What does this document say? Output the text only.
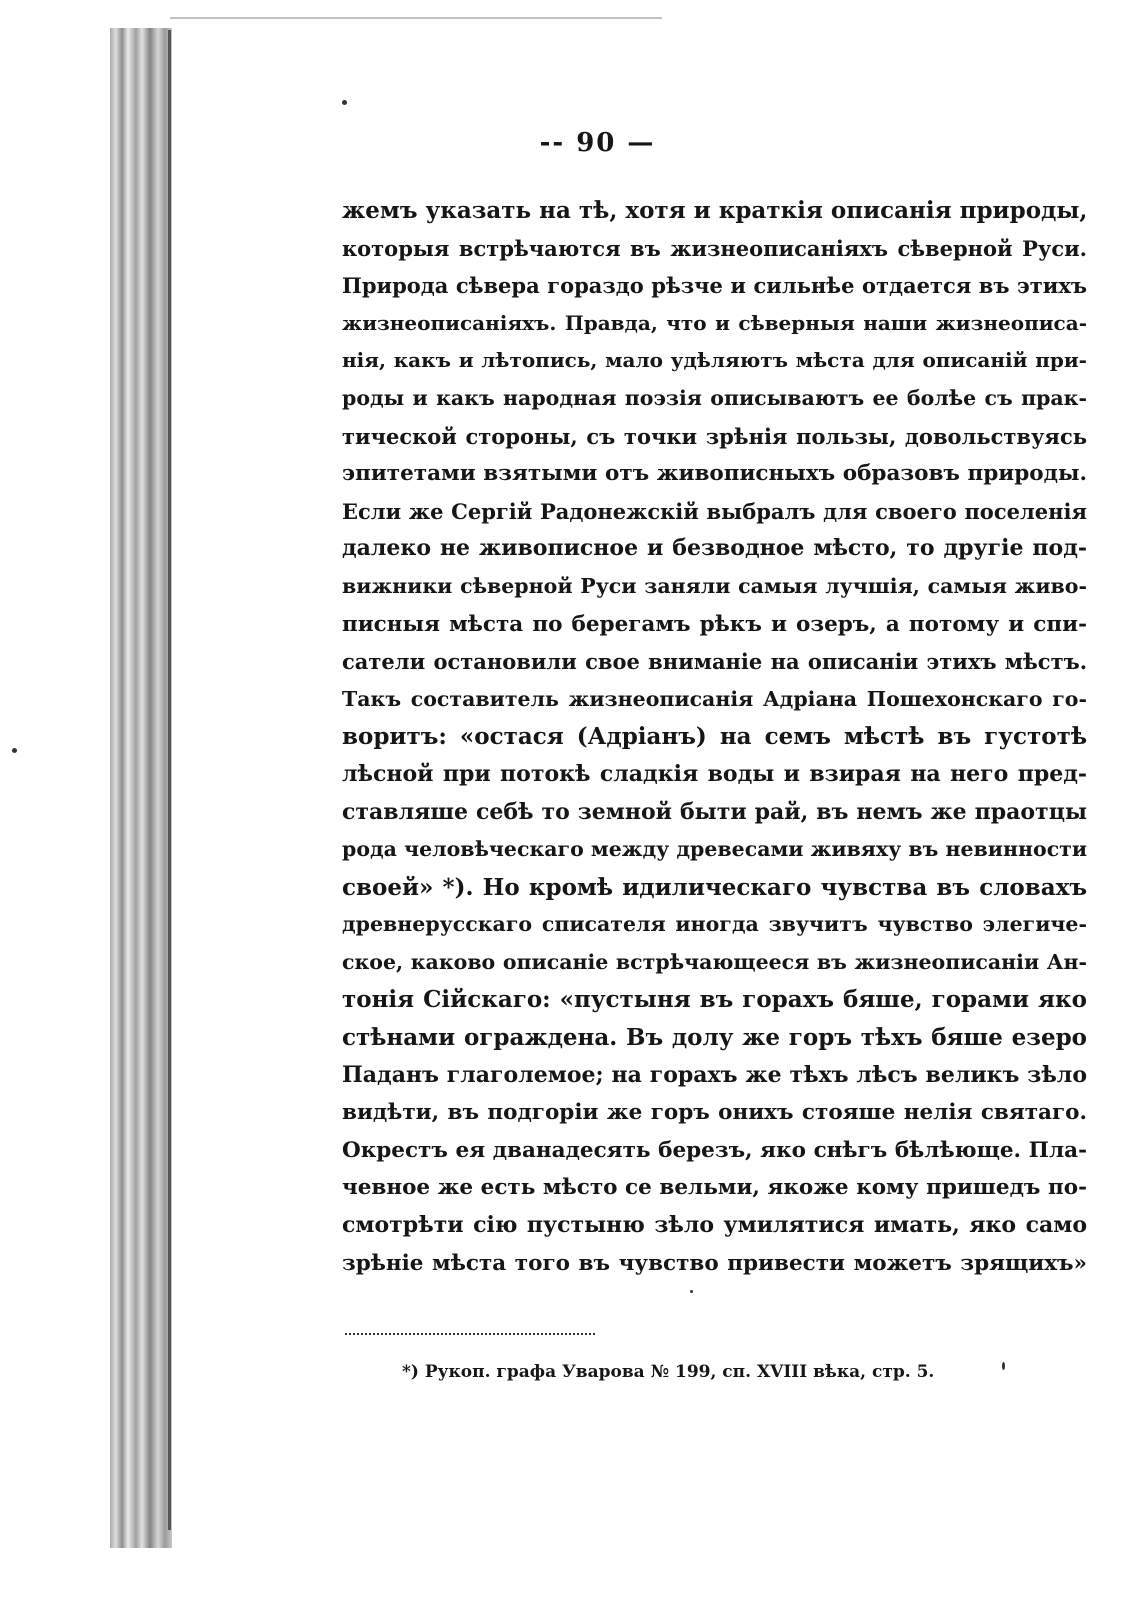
-- 90 —
жемъ указать на тѣ, хотя и краткія описанія природы,
которыя встрѣчаются въ жизнеописаніяхъ сѣверной Руси.
Природа сѣвера гораздо рѣзче и сильнѣе отдается въ этихъ
жизнеописаніяхъ. Правда, что и сѣверныя наши жизнеописа-
нія, какъ и лѣтопись, мало удѣляютъ мѣста для описаній при-
роды и какъ народная поэзія описываютъ ее болѣе съ прак-
тической стороны, съ точки зрѣнія пользы, довольствуясь
эпитетами взятыми отъ живописныхъ образовъ природы.
Если же Сергій Радонежскій выбралъ для своего поселенія
далеко не живописное и безводное мѣсто, то другіе под-
вижники сѣверной Руси заняли самыя лучшія, самыя живо-
писныя мѣста по берегамъ рѣкъ и озеръ, а потому и спи-
сатели остановили свое вниманіе на описаніи этихъ мѣстъ.
Такъ составитель жизнеописанія Адріана Пошехонскаго го-
воритъ: «остася (Адріанъ) на семъ мѣстѣ въ густотѣ
лѣсной при потокѣ сладкія воды и взирая на него пред-
ставляше себѣ то земной быти рай, въ немъ же праотцы
рода человѣческаго между древесами живяху въ невинности
своей» *). Но кромѣ идилическаго чувства въ словахъ
древнерусскаго списателя иногда звучитъ чувство элегиче-
ское, каково описаніе встрѣчающееся въ жизнеописаніи Ан-
тонія Сійскаго: «пустыня въ горахъ бяше, горами яко
стѣнами ограждена. Въ долу же горъ тѣхъ бяше езеро
Паданъ глаголемое; на горахъ же тѣхъ лѣсъ великъ зѣло
видѣти, въ подгоріи же горъ онихъ стояше нелія святаго.
Окрестъ ея дванадесять березъ, яко снѣгъ бѣлѣюще. Пла-
чевное же есть мѣсто се вельми, якоже кому пришедъ по-
смотрѣти сію пустыню зѣло умилятися имать, яко само
зрѣніе мѣста того въ чувство привести можетъ зрящихъ»
*) Рукоп. графа Уварова № 199, сп. XVIII вѣка, стр. 5.
